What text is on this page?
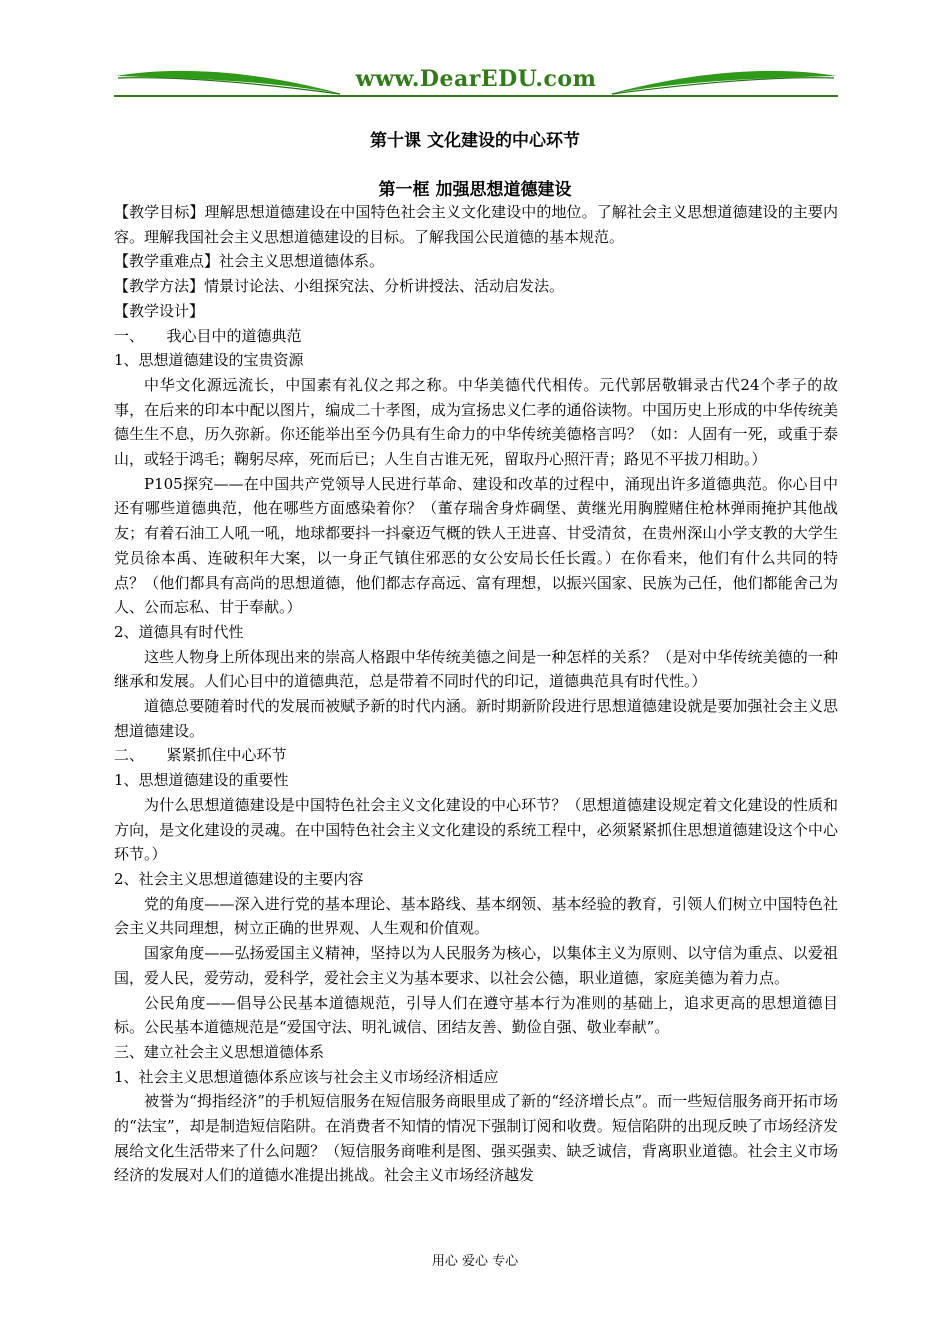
www.DearEDU.com
第十课 文化建设的中心环节
第一框 加强思想道德建设

【教学目标】理解思想道德建设在中国特色社会主义文化建设中的地位。了解社会主义思想道德建设的主要内容。理解我国社会主义思想道德建设的目标。了解我国公民道德的基本规范。

【教学重难点】社会主义思想道德体系。

【教学方法】情景讨论法、小组探究法、分析讲授法、活动启发法。

【教学设计】

一、　　我心目中的道德典范

1、思想道德建设的宝贵资源

中华文化源远流长，中国素有礼仪之邦之称。中华美德代代相传。元代郭居敬辑录古代24个孝子的故事，在后来的印本中配以图片，编成二十孝图，成为宣扬忠义仁孝的通俗读物。中国历史上形成的中华传统美德生生不息，历久弥新。你还能举出至今仍具有生命力的中华传统美德格言吗？（如：人固有一死，或重于泰山，或轻于鸿毛；鞠躬尽瘁，死而后已；人生自古谁无死，留取丹心照汗青；路见不平拔刀相助。）

P105探究——在中国共产党领导人民进行革命、建设和改革的过程中，涌现出许多道德典范。你心目中还有哪些道德典范，他在哪些方面感染着你？（董存瑞舍身炸碉堡、黄继光用胸膛赌住枪林弹雨掩护其他战友；有着石油工人吼一吼，地球都要抖一抖豪迈气概的铁人王进喜、甘受清贫，在贵州深山小学支教的大学生党员徐本禹、连破积年大案，以一身正气镇住邪恶的女公安局长任长霞。）在你看来，他们有什么共同的特点？（他们都具有高尚的思想道德，他们都志存高远、富有理想，以振兴国家、民族为己任，他们都能舍己为人、公而忘私、甘于奉献。）

2、道德具有时代性

这些人物身上所体现出来的崇高人格跟中华传统美德之间是一种怎样的关系？（是对中华传统美德的一种继承和发展。人们心目中的道德典范，总是带着不同时代的印记，道德典范具有时代性。）

道德总要随着时代的发展而被赋予新的时代内涵。新时期新阶段进行思想道德建设就是要加强社会主义思想道德建设。

二、　　紧紧抓住中心环节

1、思想道德建设的重要性

为什么思想道德建设是中国特色社会主义文化建设的中心环节？（思想道德建设规定着文化建设的性质和方向，是文化建设的灵魂。在中国特色社会主义文化建设的系统工程中，必须紧紧抓住思想道德建设这个中心环节。）

2、社会主义思想道德建设的主要内容

党的角度——深入进行党的基本理论、基本路线、基本纲领、基本经验的教育，引领人们树立中国特色社会主义共同理想，树立正确的世界观、人生观和价值观。

国家角度——弘扬爱国主义精神，坚持以为人民服务为核心，以集体主义为原则、以守信为重点、以爱祖国，爱人民，爱劳动，爱科学，爱社会主义为基本要求、以社会公德，职业道德，家庭美德为着力点。

公民角度——倡导公民基本道德规范，引导人们在遵守基本行为准则的基础上，追求更高的思想道德目标。公民基本道德规范是“爱国守法、明礼诚信、团结友善、勤俭自强、敬业奉献”。

三、建立社会主义思想道德体系

1、社会主义思想道德体系应该与社会主义市场经济相适应

被誉为“拇指经济”的手机短信服务在短信服务商眼里成了新的“经济增长点”。而一些短信服务商开拓市场的“法宝”，却是制造短信陷阱。在消费者不知情的情况下强制订阅和收费。短信陷阱的出现反映了市场经济发展给文化生活带来了什么问题？（短信服务商唯利是图、强买强卖、缺乏诚信，背离职业道德。社会主义市场经济的发展对人们的道德水准提出挑战。社会主义市场经济越发

用心 爱心 专心
